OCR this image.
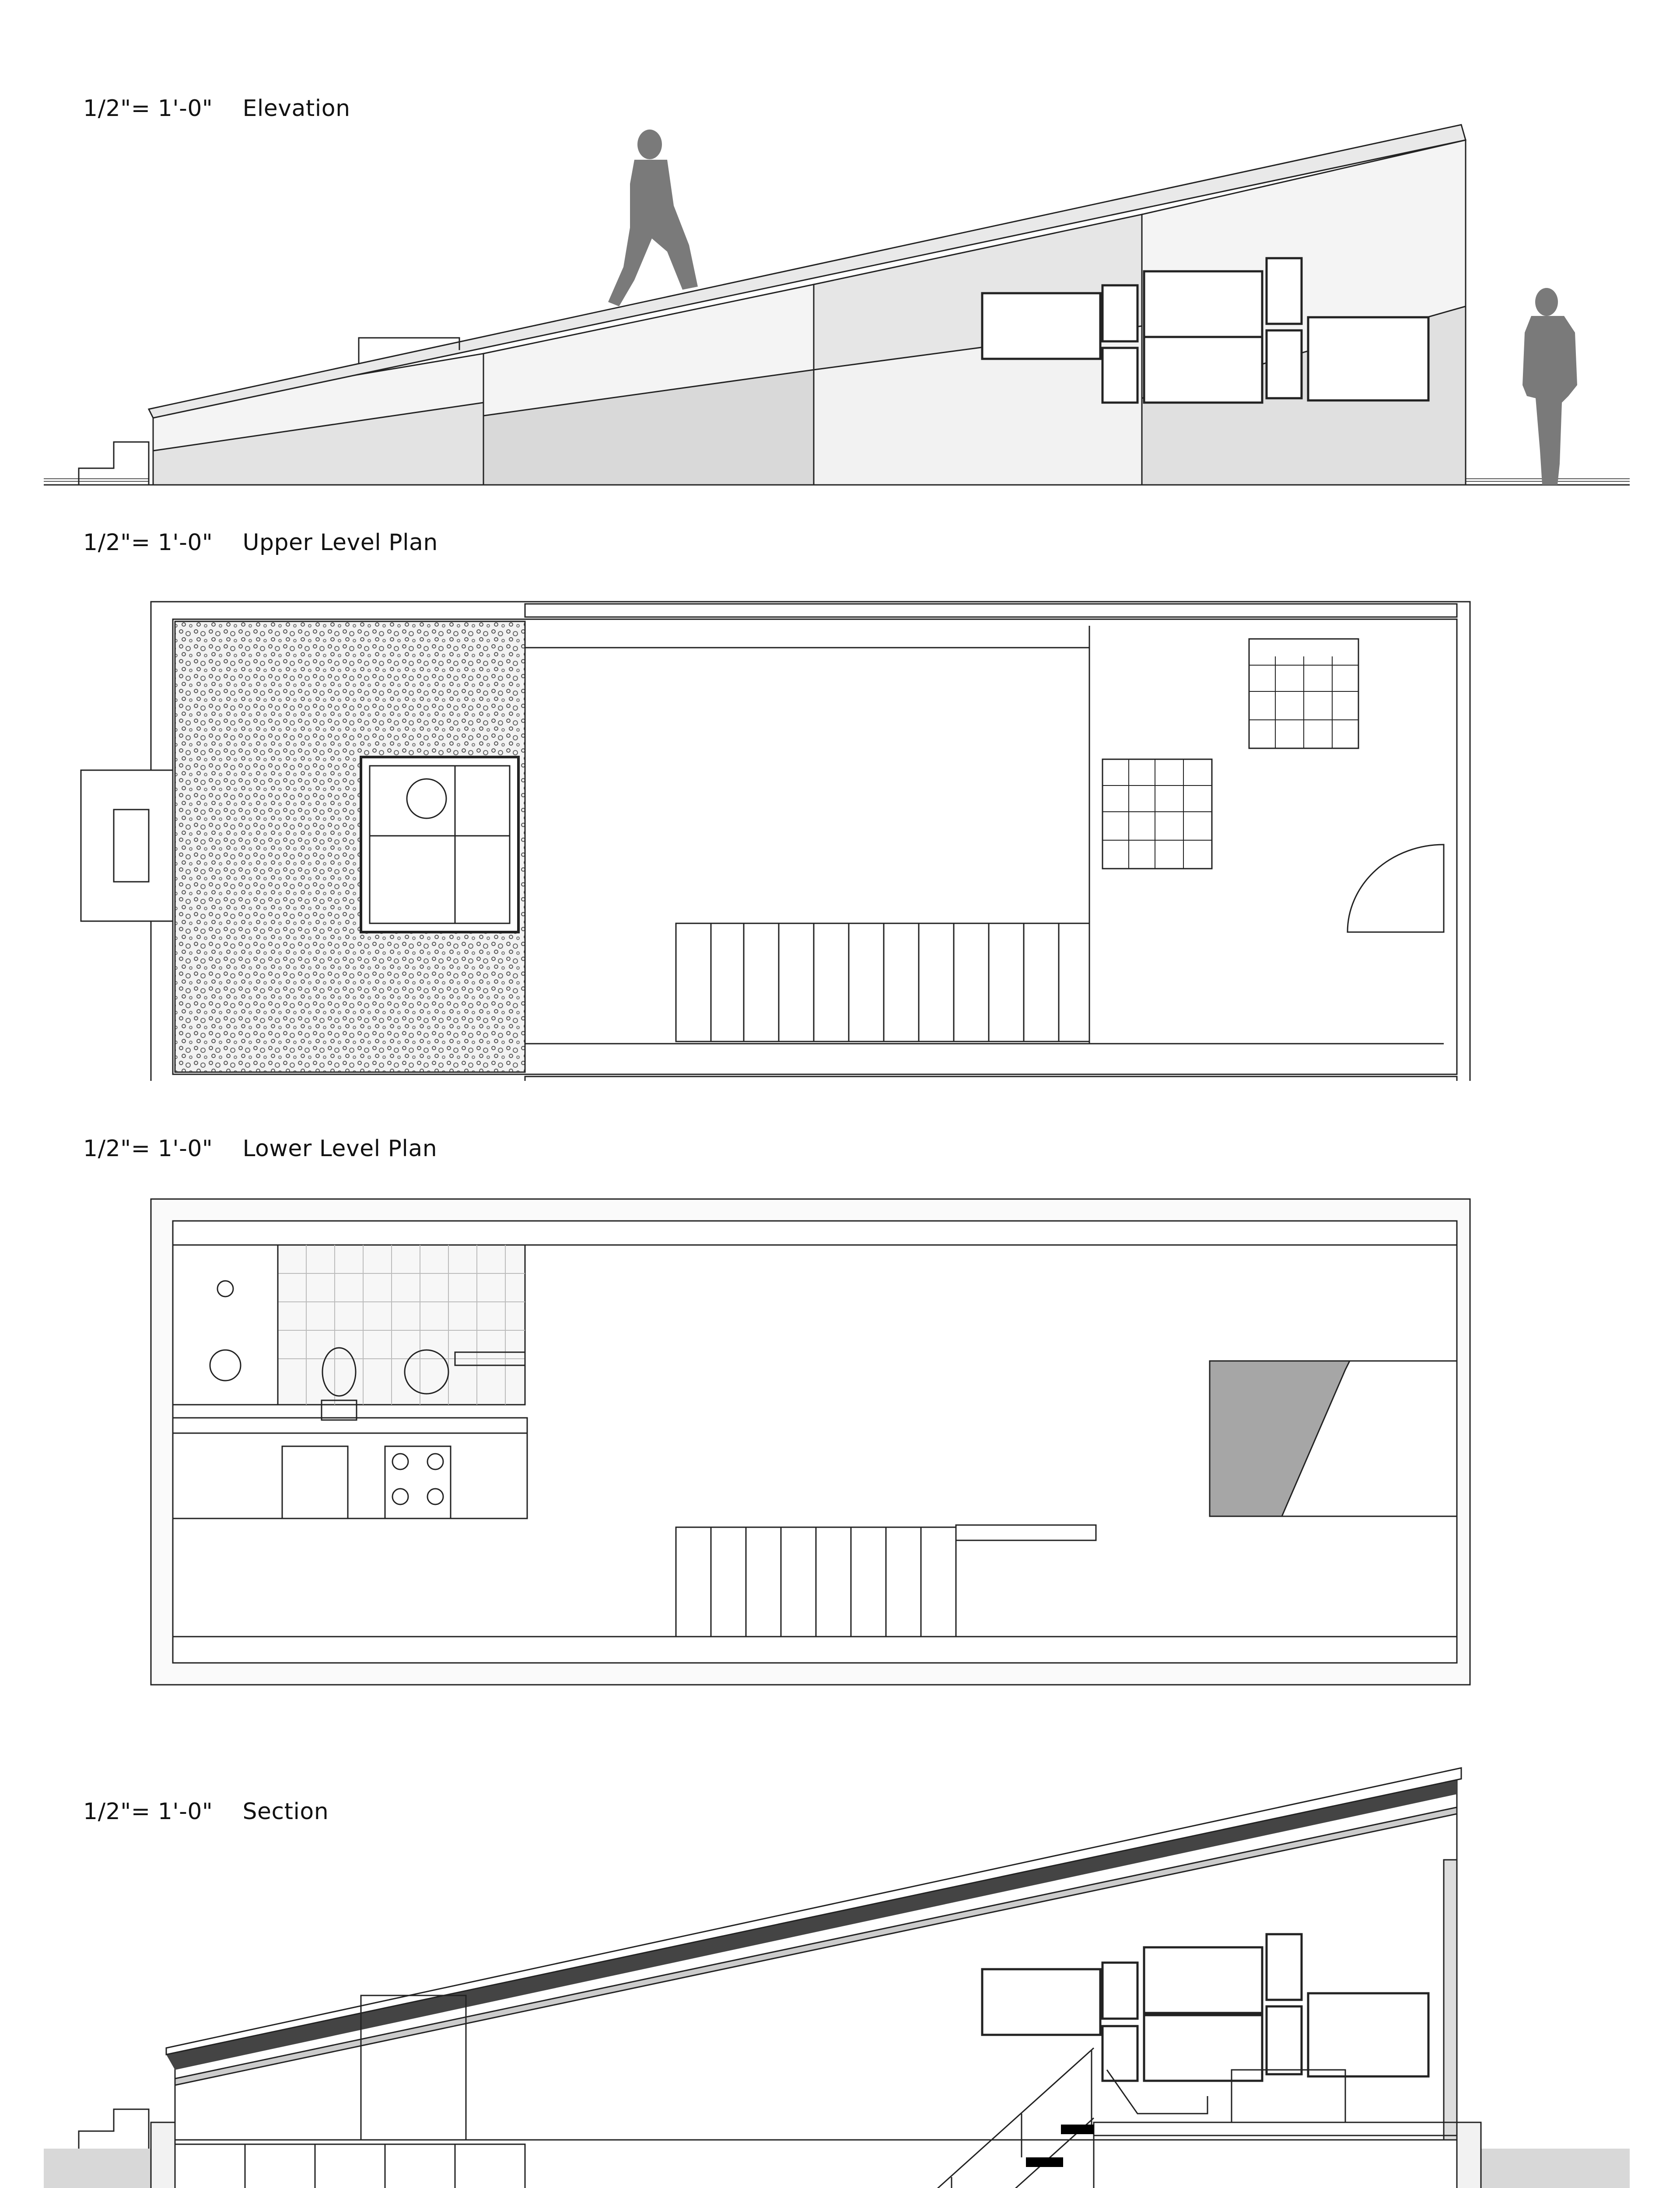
1/2"= 1'-0" Elevation
1/2"= 1'-0" Upper Level Plan
1/2"= 1'-0" Lower Level Plan
1/2"= 1'-0" Section
